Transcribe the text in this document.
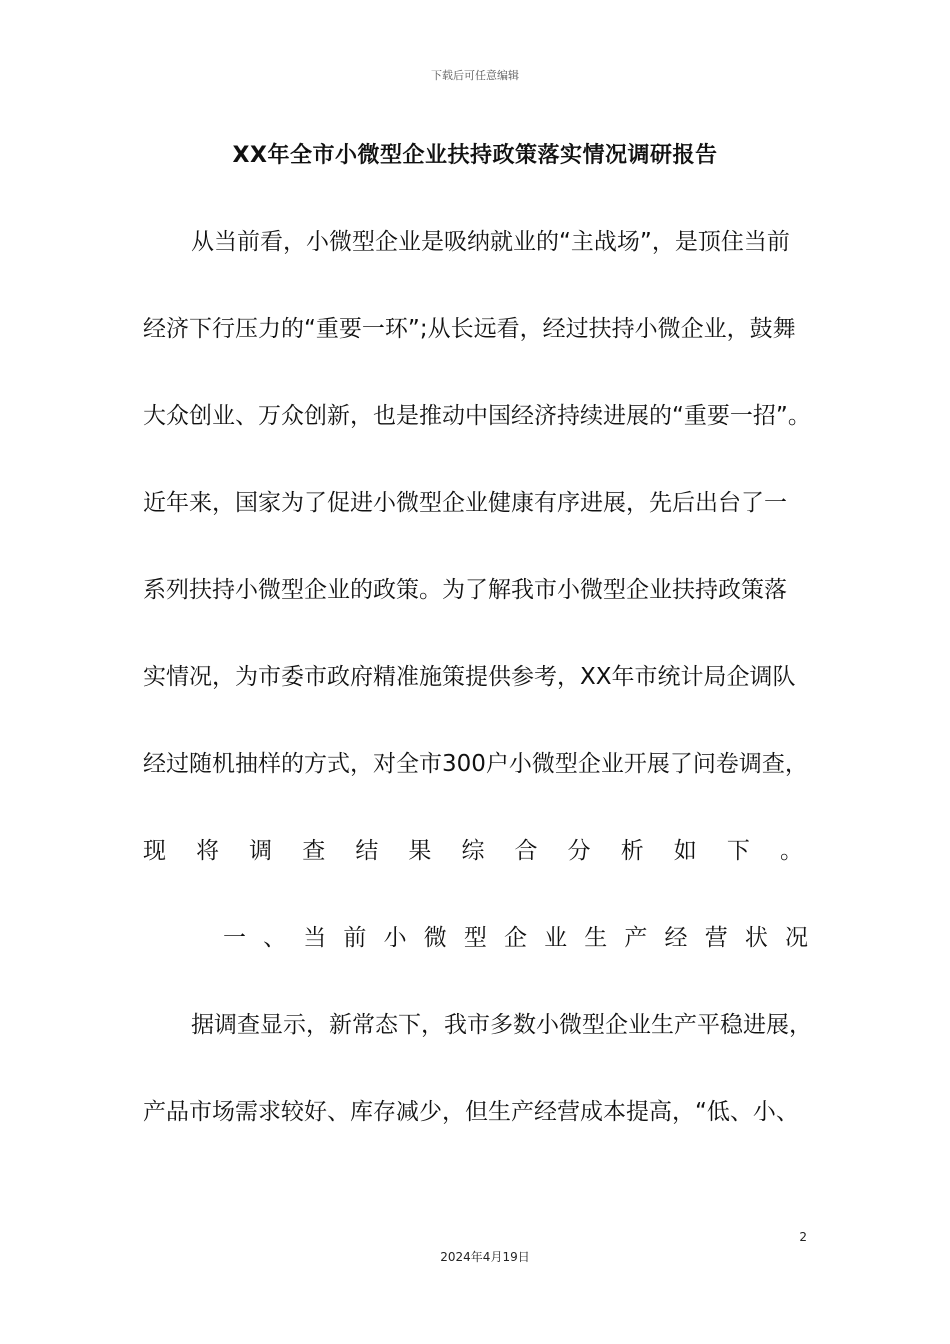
下载后可任意编辑
XX年全市小微型企业扶持政策落实情况调研报告
从当前看，小微型企业是吸纳就业的“主战场”，是顶住当前
经济下行压力的“重要一环”;从长远看，经过扶持小微企业，鼓舞
大众创业、万众创新，也是推动中国经济持续进展的“重要一招”。
近年来，国家为了促进小微型企业健康有序进展，先后出台了一
系列扶持小微型企业的政策。为了解我市小微型企业扶持政策落
实情况，为市委市政府精准施策提供参考，XX年市统计局企调队
经过随机抽样的方式，对全市300户小微型企业开展了问卷调查，
现 将 调 查 结 果 综 合 分 析 如 下 。
一 、 当 前 小 微 型 企 业 生 产 经 营 状 况
据调查显示，新常态下，我市多数小微型企业生产平稳进展，
产品市场需求较好、库存减少，但生产经营成本提高，“低、小、
2
2024年4月19日
